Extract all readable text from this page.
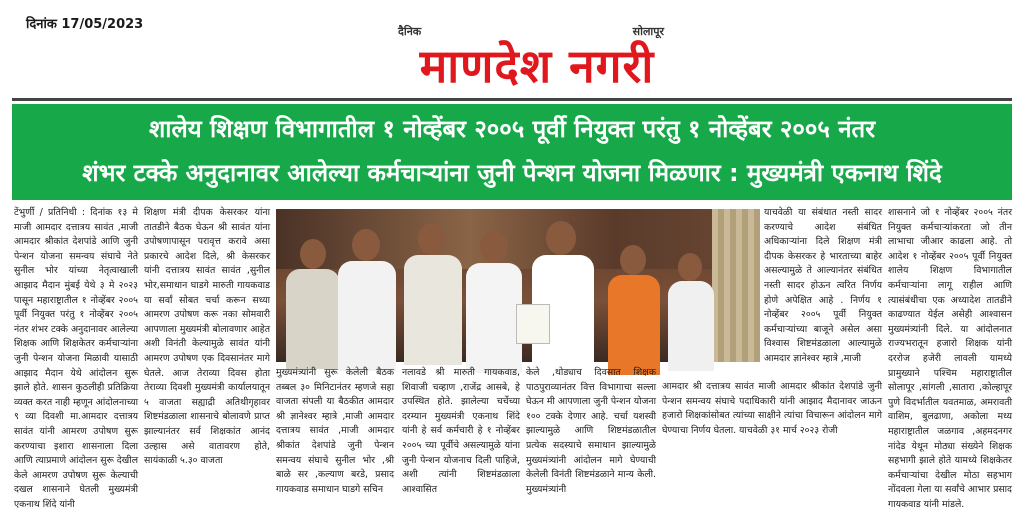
दिनांक 17/05/2023	दैनिक	सोलापूर
माणदेश नगरी
शालेय शिक्षण विभागातील १ नोव्हेंबर २००५ पूर्वी नियुक्त परंतु १ नोव्हेंबर २००५ नंतर
शंभर टक्के अनुदानावर आलेल्या कर्मचाऱ्यांना जुनी पेन्शन योजना मिळणार : मुख्यमंत्री एकनाथ शिंदे

टेंभुर्णी / प्रतिनिधी : दिनांक १३ मे माजी आमदार दत्तात्रय सावंत ,माजी आमदार श्रीकांत देशपांडे आणि जुनी पेन्शन योजना समन्वय संघाचे नेते सुनील भोर यांच्या नेतृत्वाखाली आझाद मैदान मुंबई येथे ३ मे २०२३ पासून महाराष्ट्रातील १ नोव्हेंबर २००५ पूर्वी नियुक्त परंतु १ नोव्हेंबर २००५ नंतर शंभर टक्के अनुदानावर आलेल्या शिक्षक आणि शिक्षकेतर कर्मचाऱ्यांना जुनी पेन्शन योजना मिळावी यासाठी आझाद मैदान येथे आंदोलन सुरू झाले होते. शासन कुठलीही प्रतिक्रिया व्यक्त करत नाही म्हणून आंदोलनाच्या ९ व्या दिवशी मा.आमदार दत्तात्रय सावंत यांनी आमरण उपोषण सुरू करण्याचा इशारा शासनाला दिला आणि त्याप्रमाणे आंदोलन सुरू देखील केले आमरण उपोषण सुरू केल्याची दखल शासनाने घेतली मुख्यमंत्री एकनाथ शिंदे यांनी

शिक्षण मंत्री दीपक केसरकर यांना तातडीने बैठक घेऊन श्री सावंत यांना उपोषणापासून परावृत्त करावे असा प्रकारचे आदेश दिले, श्री केसरकर यांनी दत्तात्रय सावंत सावंत ,सुनील भोर,समाधान घाडगे मारुती गायकवाड या सर्वां सोबत चर्चा करून सध्या आमरण उपोषण करू नका सोमवारी आपणाला मुख्यमंत्री बोलावणार आहेत अशी विनंती केल्यामुळे सावंत यांनी आमरण उपोषण एक दिवसानंतर मागे घेतले. आज तेराव्या दिवस होता तेराव्या दिवशी मुख्यमंत्री कार्यालयातून ५ वाजता सह्याद्री अतिथीगृहावर शिष्टमंडळाला शासनाचे बोलावणे प्राप्त झाल्यानंतर सर्व शिक्षकांत आनंद उल्हास असे वातावरण होते, सायंकाळी ५.३० वाजता

मुख्यमंत्र्यांनी सुरू केलेली बैठक तब्बल ३० मिनिटानंतर म्हणजे सहा वाजता संपली या बैठकीत आमदार श्री ज्ञानेश्वर म्हात्रे ,माजी आमदार दत्तात्रय सावंत ,माजी आमदार श्रीकांत देशपांडे जुनी पेन्शन समन्वय संघाचे सुनील भोर ,श्री बाळे सर ,कल्याण बरडे, प्रसाद गायकवाड समाधान घाडगे सचिन

नलावडे श्री मारुती गायकवाड, शिवाजी चव्हाण ,राजेंद्र आसबे, हे उपस्थित होते. झालेल्या चर्चेच्या दरम्यान मुख्यमंत्री एकनाथ शिंदे यांनी हे सर्व कर्मचारी हे १ नोव्हेंबर २००५ च्या पूर्वीचे असल्यामुळे यांना जुनी पेन्शन योजनाच दिली पाहिजे, अशी त्यांनी शिष्टमंडळाला आश्वासित

केले ,थोड्याच दिवसात शिक्षक पाठपुराव्यानंतर वित्त विभागाचा सल्ला घेऊन मी आपणाला जुनी पेन्शन योजना १०० टक्के देणार आहे. चर्चा यशस्वी झाल्यामुळे आणि शिष्टमंडळातील प्रत्येक सदस्याचे समाधान झाल्यामुळे मुख्यमंत्र्यांनी आंदोलन मागे घेण्याची केलेली विनंती शिष्टमंडळाने मान्य केली. मुख्यमंत्र्यांनी

याचवेळी या संबंधात नस्ती सादर करण्याचे आदेश संबंधित अधिकाऱ्यांना दिले शिक्षण मंत्री दीपक केसरकर हे भारताच्या बाहेर असल्यामुळे ते आल्यानंतर संबंधित नस्ती सादर होऊन त्वरित निर्णय होणे अपेक्षित आहे . निर्णय १ नोव्हेंबर २००५ पूर्वी नियुक्त कर्मचाऱ्यांच्या बाजूने असेल असा विश्वास शिष्टमंडळाला आल्यामुळे आमदार ज्ञानेश्वर म्हात्रे ,माजी

आमदार श्री दत्तात्रय सावंत माजी आमदार श्रीकांत देशपांडे जुनी पेन्शन समन्वय संघाचे पदाधिकारी यांनी आझाद मैदानावर जाऊन हजारो शिक्षकांसोबत त्यांच्या साक्षीने त्यांचा विचारून आंदोलन मागे घेण्याचा निर्णय घेतला. याचवेळी ३१ मार्च २०२३ रोजी

शासनाने जो १ नोव्हेंबर २००५ नंतर नियुक्त कर्मचाऱ्यांकरता जो तीन लाभाचा जीआर काढला आहे. तो आदेश १ नोव्हेंबर २००५ पूर्वी नियुक्त शालेय शिक्षण विभागातील कर्मचाऱ्यांना लागू राहील आणि त्यासंबंधीचा एक अध्यादेश तातडीने काढण्यात येईल असेही आश्वासन मुख्यमंत्र्यांनी दिले. या आंदोलनात राज्यभरातून हजारो शिक्षक यांनी दररोज हजेरी लावली यामध्ये प्रामुख्याने पश्चिम महाराष्ट्रातील सोलापूर ,सांगली ,सातारा ,कोल्हापूर पुणे विदर्भातील यवतमाळ, अमरावती वाशिम, बुलढाणा, अकोला मध्य महाराष्ट्रातील जळगाव ,अहमदनगर नांदेड येथून मोठ्या संख्येने शिक्षक सहभागी झाले होते यामध्ये शिक्षकेतर कर्मचाऱ्यांचा देखील मोठा सहभाग नोंदवला गेला या सर्वांचे आभार प्रसाद गायकवाड यांनी मांडले.
